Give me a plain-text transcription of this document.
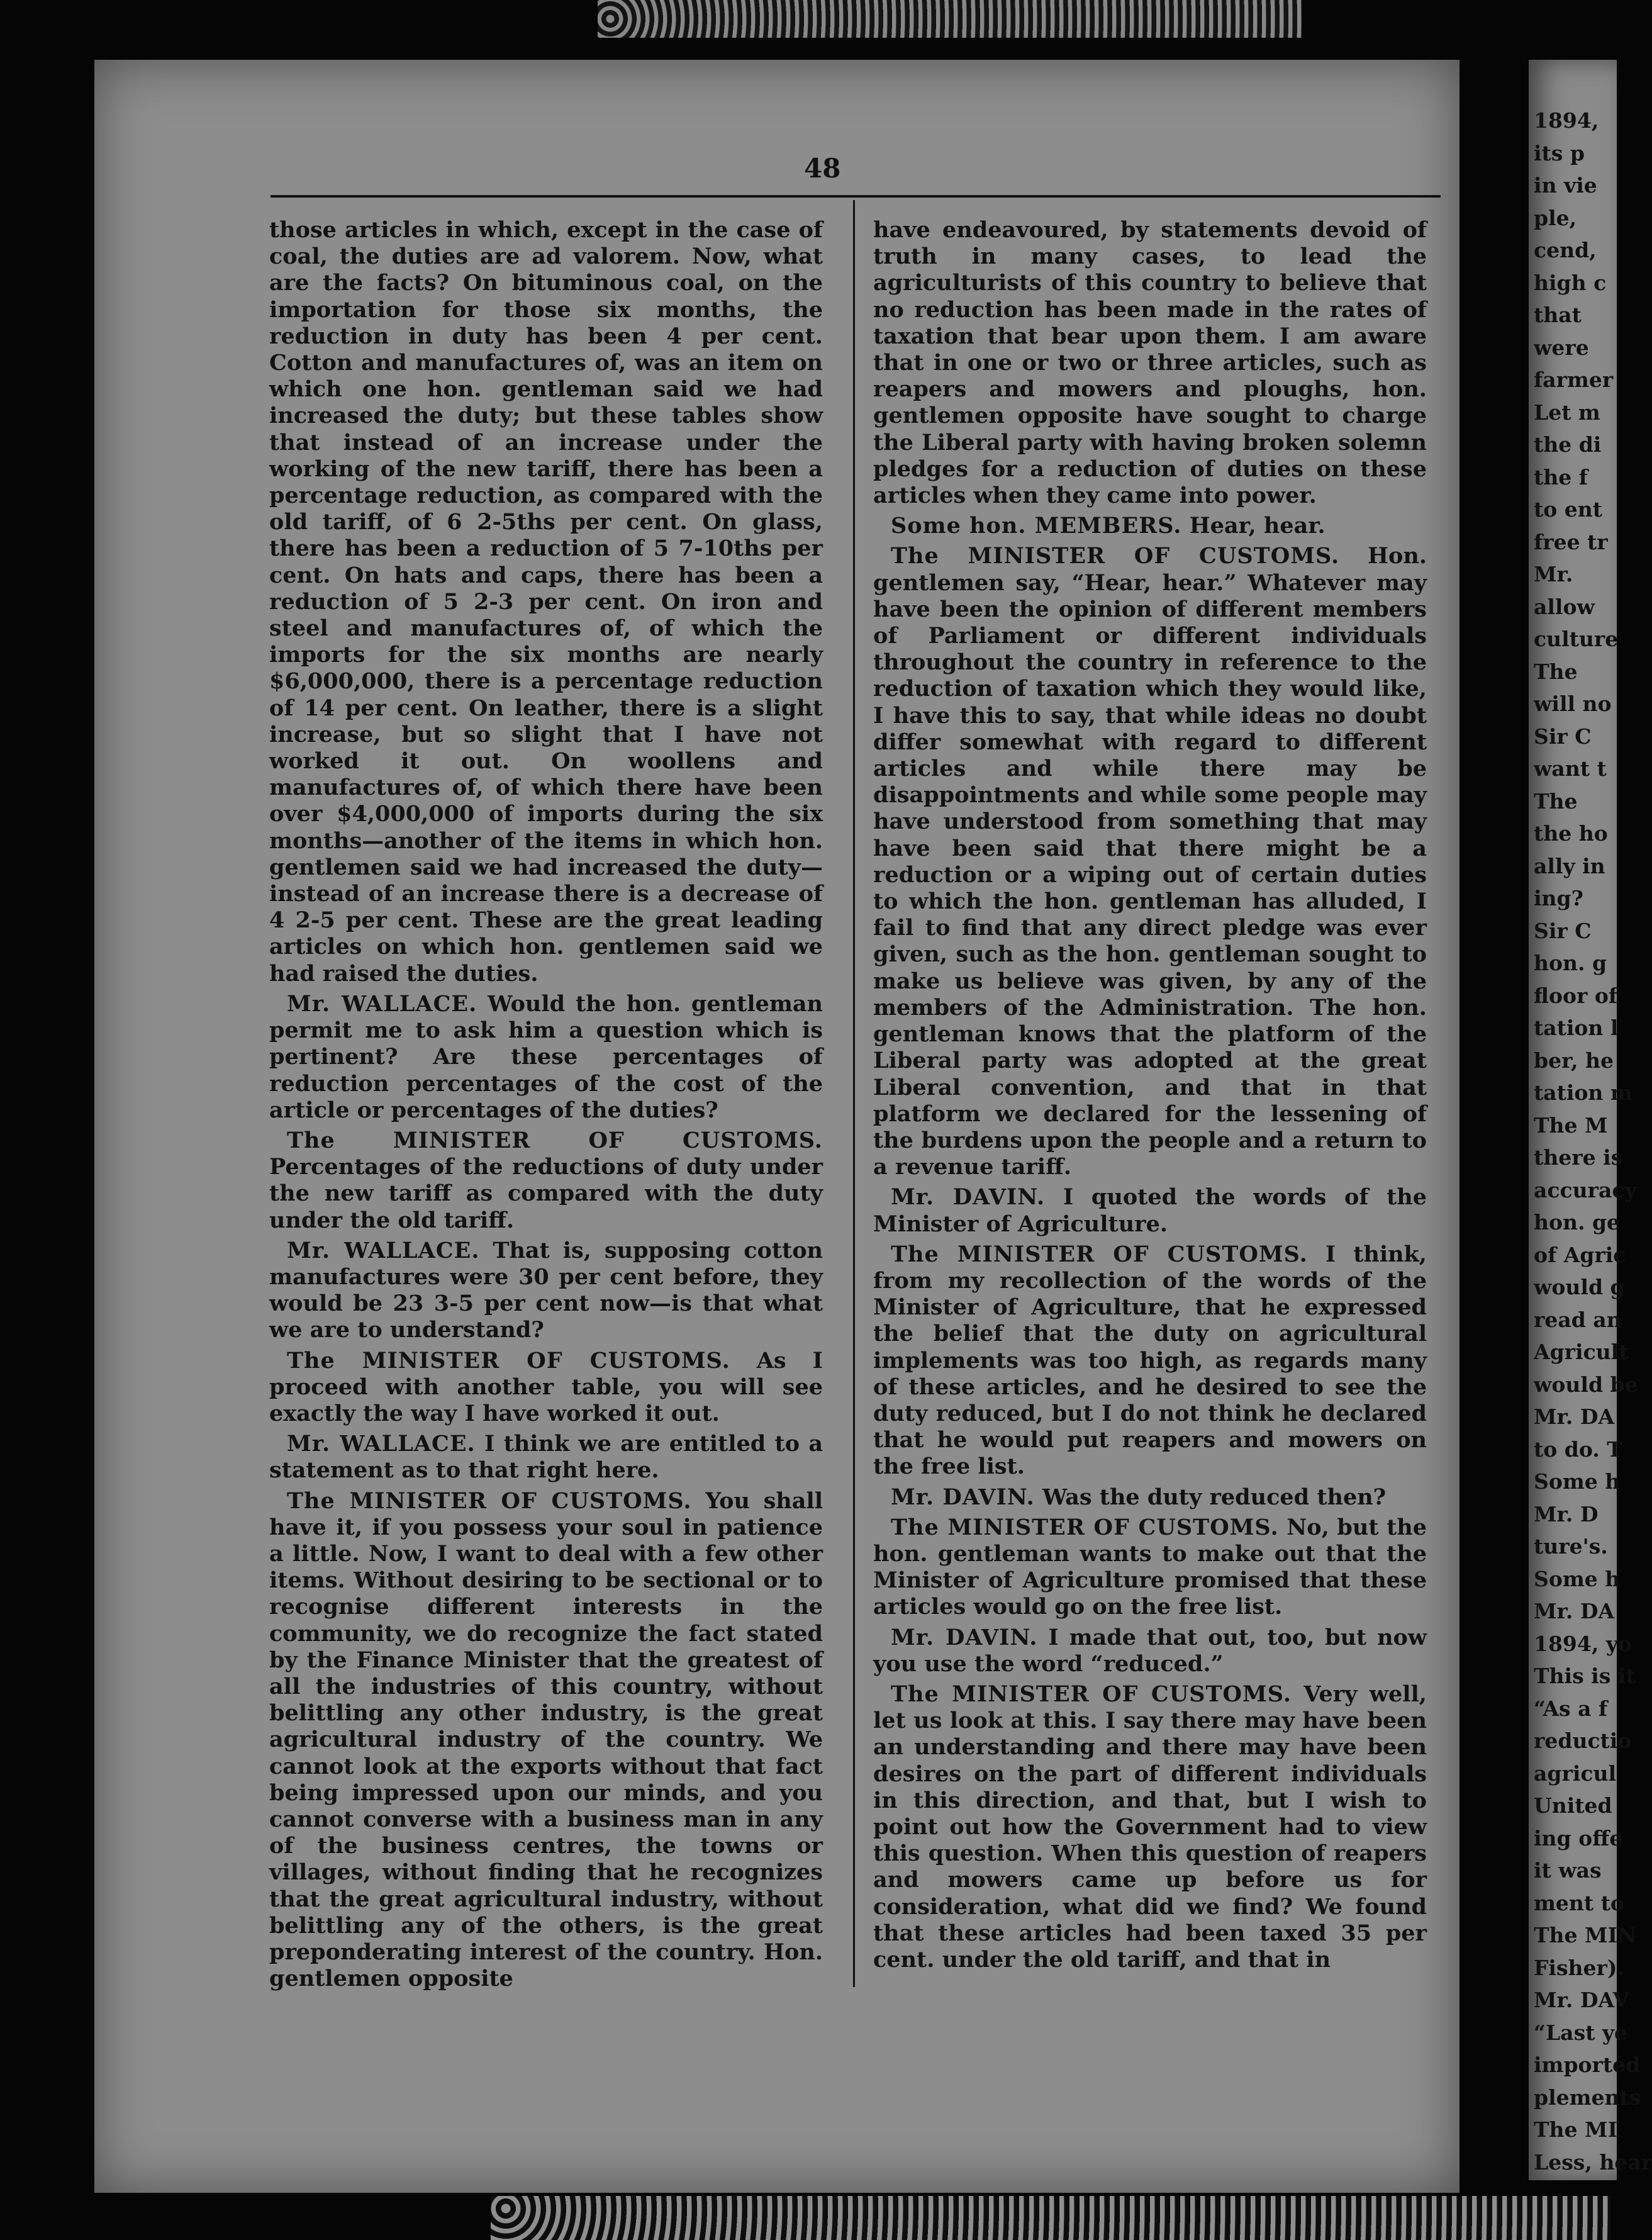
48

those articles in which, except in the case of coal, the duties are ad valorem. Now, what are the facts? On bituminous coal, on the importation for those six months, the reduction in duty has been 4 per cent. Cotton and manufactures of, was an item on which one hon. gentleman said we had increased the duty; but these tables show that instead of an increase under the working of the new tariff, there has been a percentage reduction, as compared with the old tariff, of 6 2-5ths per cent. On glass, there has been a reduction of 5 7-10ths per cent. On hats and caps, there has been a reduction of 5 2-3 per cent. On iron and steel and manufactures of, of which the imports for the six months are nearly $6,000,000, there is a percentage reduction of 14 per cent. On leather, there is a slight increase, but so slight that I have not worked it out. On woollens and manufactures of, of which there have been over $4,000,000 of imports during the six months—another of the items in which hon. gentlemen said we had increased the duty—instead of an increase there is a decrease of 4 2-5 per cent. These are the great leading articles on which hon. gentlemen said we had raised the duties.

Mr. WALLACE. Would the hon. gentleman permit me to ask him a question which is pertinent? Are these percentages of reduction percentages of the cost of the article or percentages of the duties?

The MINISTER OF CUSTOMS. Percentages of the reductions of duty under the new tariff as compared with the duty under the old tariff.

Mr. WALLACE. That is, supposing cotton manufactures were 30 per cent before, they would be 23 3-5 per cent now—is that what we are to understand?

The MINISTER OF CUSTOMS. As I proceed with another table, you will see exactly the way I have worked it out.

Mr. WALLACE. I think we are entitled to a statement as to that right here.

The MINISTER OF CUSTOMS. You shall have it, if you possess your soul in patience a little. Now, I want to deal with a few other items. Without desiring to be sectional or to recognise different interests in the community, we do recognize the fact stated by the Finance Minister that the greatest of all the industries of this country, without belittling any other industry, is the great agricultural industry of the country. We cannot look at the exports without that fact being impressed upon our minds, and you cannot converse with a business man in any of the business centres, the towns or villages, without finding that he recognizes that the great agricultural industry, without belittling any of the others, is the great preponderating interest of the country. Hon. gentlemen opposite

have endeavoured, by statements devoid of truth in many cases, to lead the agriculturists of this country to believe that no reduction has been made in the rates of taxation that bear upon them. I am aware that in one or two or three articles, such as reapers and mowers and ploughs, hon. gentlemen opposite have sought to charge the Liberal party with having broken solemn pledges for a reduction of duties on these articles when they came into power.

Some hon. MEMBERS. Hear, hear.

The MINISTER OF CUSTOMS. Hon. gentlemen say, “Hear, hear.” Whatever may have been the opinion of different members of Parliament or different individuals throughout the country in reference to the reduction of taxation which they would like, I have this to say, that while ideas no doubt differ somewhat with regard to different articles and while there may be disappointments and while some people may have understood from something that may have been said that there might be a reduction or a wiping out of certain duties to which the hon. gentleman has alluded, I fail to find that any direct pledge was ever given, such as the hon. gentleman sought to make us believe was given, by any of the members of the Administration. The hon. gentleman knows that the platform of the Liberal party was adopted at the great Liberal convention, and that in that platform we declared for the lessening of the burdens upon the people and a return to a revenue tariff.

Mr. DAVIN. I quoted the words of the Minister of Agriculture.

The MINISTER OF CUSTOMS. I think, from my recollection of the words of the Minister of Agriculture, that he expressed the belief that the duty on agricultural implements was too high, as regards many of these articles, and he desired to see the duty reduced, but I do not think he declared that he would put reapers and mowers on the free list.

Mr. DAVIN. Was the duty reduced then?

The MINISTER OF CUSTOMS. No, but the hon. gentleman wants to make out that the Minister of Agriculture promised that these articles would go on the free list.

Mr. DAVIN. I made that out, too, but now you use the word “reduced.”

The MINISTER OF CUSTOMS. Very well, let us look at this. I say there may have been an understanding and there may have been desires on the part of different individuals in this direction, and that, but I wish to point out how the Government had to view this question. When this question of reapers and mowers came up before us for consideration, what did we find? We found that these articles had been taxed 35 per cent. under the old tariff, and that in

1894,
its p
in vie
ple,
cend,
high c
that
were
farmer
Let m
the di
the f
to ent
free tr
Mr.
allow
culture
The
will no
Sir C
want t
The
the ho
ally in
ing?
Sir C
hon. g
floor of
tation l
ber, he
tation m
The M
there is
accuracy
hon. ge
of Agric
would g
read an
Agricult
would be
Mr. DA
to do. T
Some h
Mr. D
ture's.
Some h
Mr. DA
1894, yo
This is it
“As a f
reductio
agricul
United
ing offe
it was
ment to
The MIN
Fisher).
Mr. DAV
“Last ye
imported
plements
The MI
Less, hear
